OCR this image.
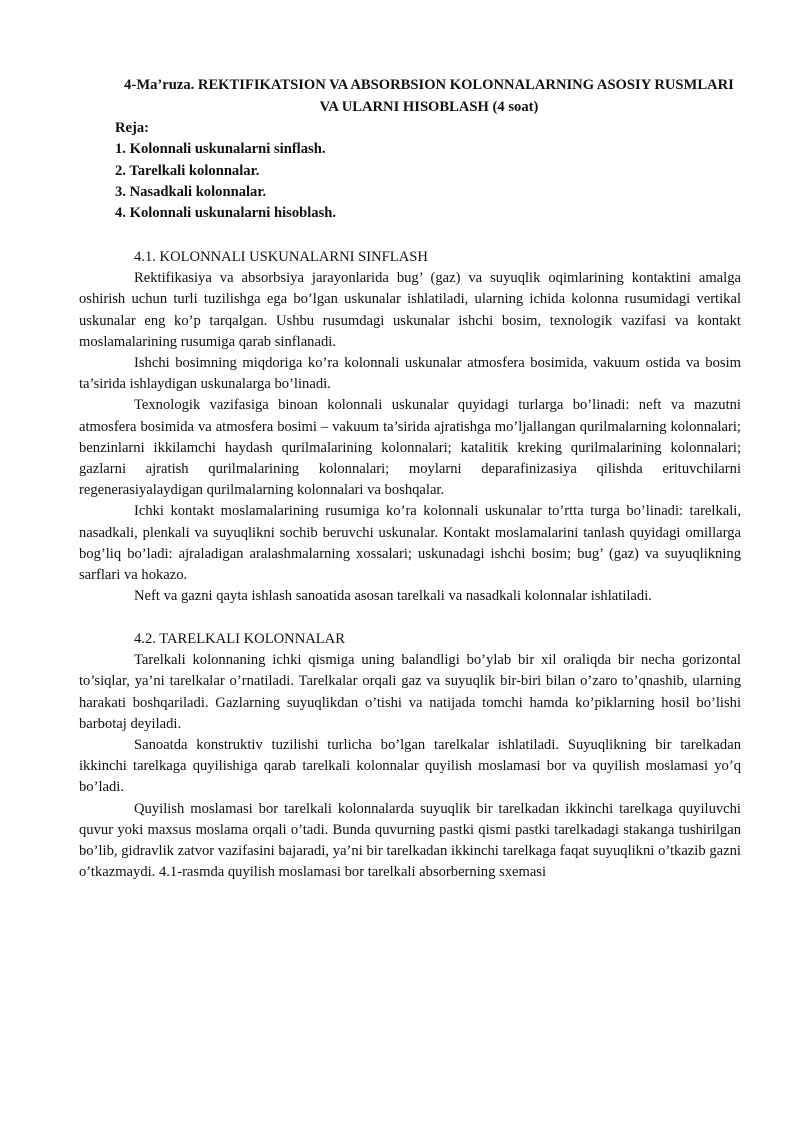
4-Ma’ruza. REKTIFIKATSION VA ABSORBSION KOLONNALARNING ASOSIY RUSMLARI VA ULARNI HISOBLASH (4 soat)
Reja:
1. Kolonnali uskunalarni sinflash.
2. Tarelkali kolonnalar.
3. Nasadkali kolonnalar.
4. Kolonnali uskunalarni hisoblash.
4.1. KOLONNALI USKUNALARNI SINFLASH

Rektifikasiya va absorbsiya jarayonlarida bug’ (gaz) va suyuqlik oqimlarining kontaktini amalga oshirish uchun turli tuzilishga ega bo’lgan uskunalar ishlatiladi, ularning ichida kolonna rusumidagi vertikal uskunalar eng ko’p tarqalgan. Ushbu rusumdagi uskunalar ishchi bosim, texnologik vazifasi va kontakt moslamalarining rusumiga qarab sinflanadi.

Ishchi bosimning miqdoriga ko’ra kolonnali uskunalar atmosfera bosimida, vakuum ostida va bosim ta’sirida ishlaydigan uskunalarga bo’linadi.

Texnologik vazifasiga binoan kolonnali uskunalar quyidagi turlarga bo’linadi: neft va mazutni atmosfera bosimida va atmosfera bosimi – vakuum ta’sirida ajratishga mo’ljallangan qurilmalarning kolonnalari; benzinlarni ikkilamchi haydash qurilmalarining kolonnalari; katalitik kreking qurilmalarining kolonnalari; gazlarni ajratish qurilmalarining kolonnalari; moylarni deparafinizasiya qilishda erituvchilarni regenerasiyalaydigan qurilmalarning kolonnalari va boshqalar.

Ichki kontakt moslamalarining rusumiga ko’ra kolonnali uskunalar to’rtta turga bo’linadi: tarelkali, nasadkali, plenkali va suyuqlikni sochib beruvchi uskunalar. Kontakt moslamalarini tanlash quyidagi omillarga bog’liq bo’ladi: ajraladigan aralashmalarning xossalari; uskunadagi ishchi bosim; bug’ (gaz) va suyuqlikning sarflari va hokazo.

Neft va gazni qayta ishlash sanoatida asosan tarelkali va nasadkali kolonnalar ishlatiladi.

4.2. TARELKALI KOLONNALAR

Tarelkali kolonnaning ichki qismiga uning balandligi bo’ylab bir xil oraliqda bir necha gorizontal to’siqlar, ya’ni tarelkalar o’rnatiladi. Tarelkalar orqali gaz va suyuqlik bir-biri bilan o’zaro to’qnashib, ularning harakati boshqariladi. Gazlarning suyuqlikdan o’tishi va natijada tomchi hamda ko’piklarning hosil bo’lishi barbotaj deyiladi.

Sanoatda konstruktiv tuzilishi turlicha bo’lgan tarelkalar ishlatiladi. Suyuqlikning bir tarelkadan ikkinchi tarelkaga quyilishiga qarab tarelkali kolonnalar quyilish moslamasi bor va quyilish moslamasi yo’q bo’ladi.

Quyilish moslamasi bor tarelkali kolonnalarda suyuqlik bir tarelkadan ikkinchi tarelkaga quyiluvchi quvur yoki maxsus moslama orqali o’tadi. Bunda quvurning pastki qismi pastki tarelkadagi stakanga tushirilgan bo’lib, gidravlik zatvor vazifasini bajaradi, ya’ni bir tarelkadan ikkinchi tarelkaga faqat suyuqlikni o’tkazib gazni o’tkazmaydi. 4.1-rasmda quyilish moslamasi bor tarelkali absorberning sxemasi
